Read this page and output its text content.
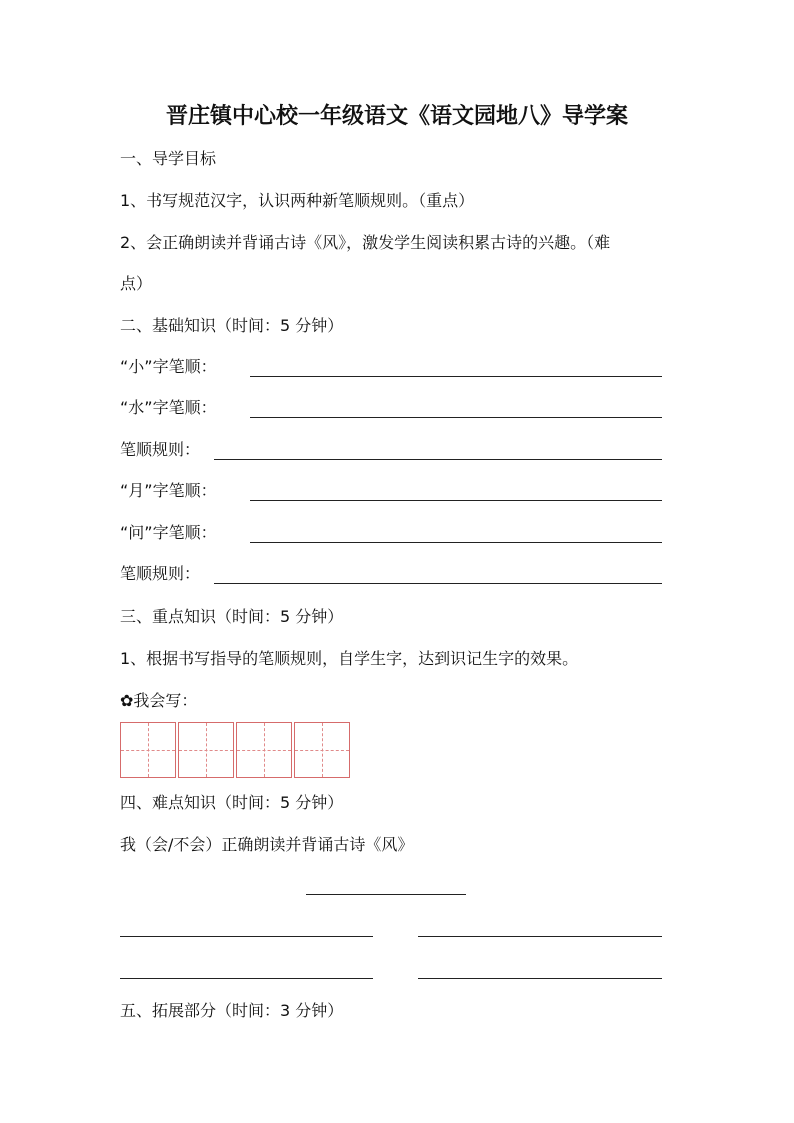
晋庄镇中心校一年级语文《语文园地八》导学案
一、导学目标
1、书写规范汉字，认识两种新笔顺规则。（重点）
2、会正确朗读并背诵古诗《风》，激发学生阅读积累古诗的兴趣。（难
点）
二、基础知识（时间：5 分钟）
“小”字笔顺：
“水”字笔顺：
笔顺规则：
“月”字笔顺：
“问”字笔顺：
笔顺规则：
三、重点知识（时间：5 分钟）
1、根据书写指导的笔顺规则，自学生字，达到识记生字的效果。
✿我会写：
四、难点知识（时间：5 分钟）
我（会/不会）正确朗读并背诵古诗《风》
五、拓展部分（时间：3 分钟）
